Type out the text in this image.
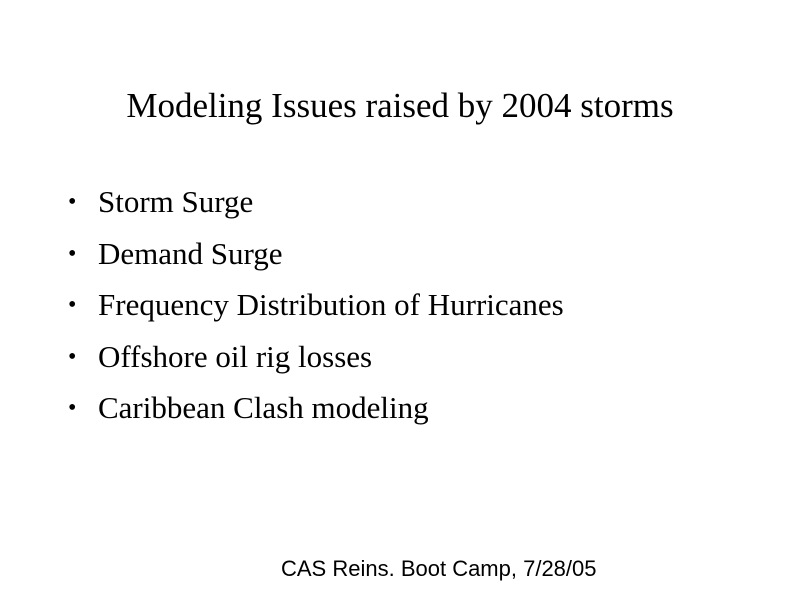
Modeling Issues raised by 2004 storms
• Storm Surge
• Demand Surge
• Frequency Distribution of Hurricanes
• Offshore oil rig losses
• Caribbean Clash modeling
CAS Reins. Boot Camp, 7/28/05
